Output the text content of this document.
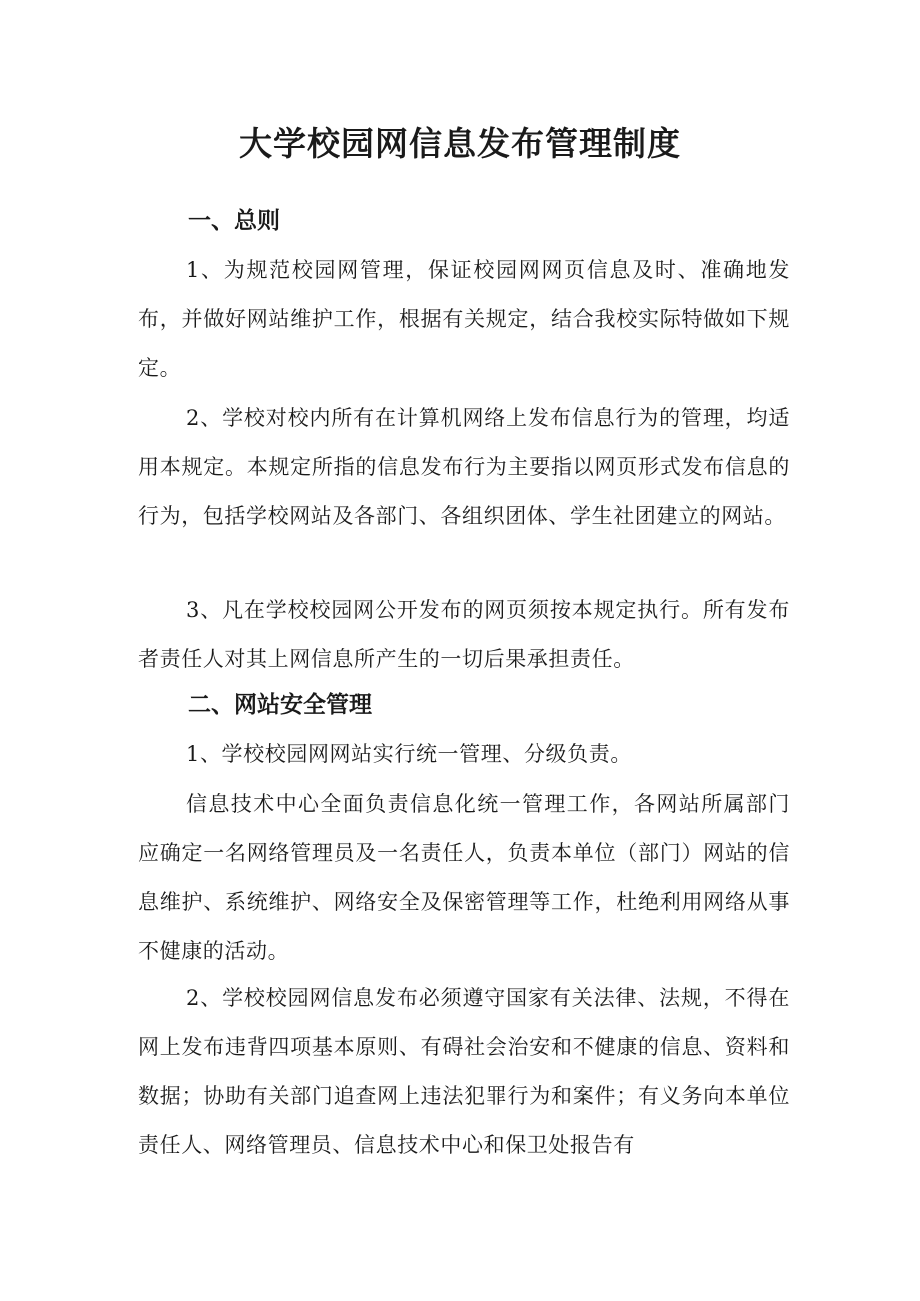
大学校园网信息发布管理制度
一、总则

1、为规范校园网管理，保证校园网网页信息及时、准确地发布，并做好网站维护工作，根据有关规定，结合我校实际特做如下规定。

2、学校对校内所有在计算机网络上发布信息行为的管理，均适用本规定。本规定所指的信息发布行为主要指以网页形式发布信息的行为，包括学校网站及各部门、各组织团体、学生社团建立的网站。

3、凡在学校校园网公开发布的网页须按本规定执行。所有发布者责任人对其上网信息所产生的一切后果承担责任。

二、网站安全管理

1、学校校园网网站实行统一管理、分级负责。

信息技术中心全面负责信息化统一管理工作，各网站所属部门应确定一名网络管理员及一名责任人，负责本单位（部门）网站的信息维护、系统维护、网络安全及保密管理等工作，杜绝利用网络从事不健康的活动。

2、学校校园网信息发布必须遵守国家有关法律、法规，不得在网上发布违背四项基本原则、有碍社会治安和不健康的信息、资料和数据；协助有关部门追查网上违法犯罪行为和案件；有义务向本单位责任人、网络管理员、信息技术中心和保卫处报告有
